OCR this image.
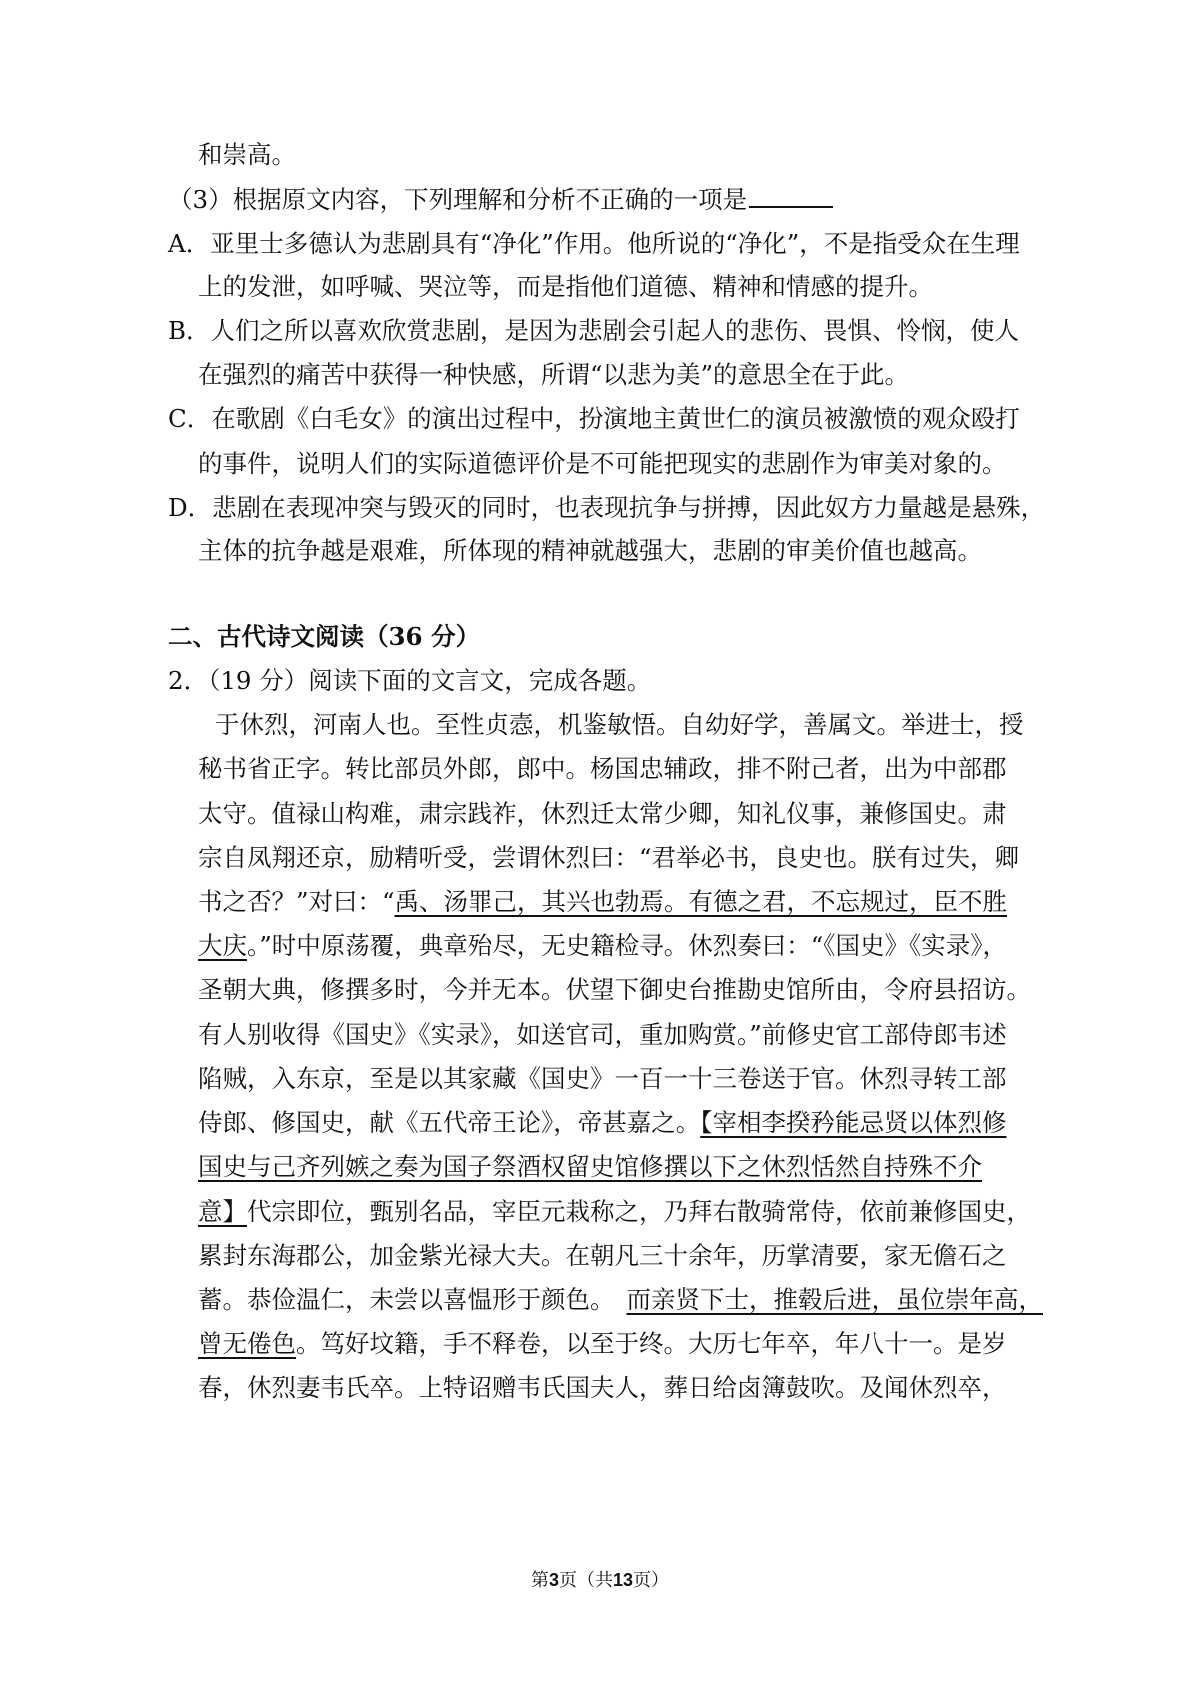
和崇高。
（3）根据原文内容，下列理解和分析不正确的一项是
A．亚里士多德认为悲剧具有“净化”作用。他所说的“净化”，不是指受众在生理
上的发泄，如呼喊、哭泣等，而是指他们道德、精神和情感的提升。
B．人们之所以喜欢欣赏悲剧，是因为悲剧会引起人的悲伤、畏惧、怜悯，使人
在强烈的痛苦中获得一种快感，所谓“以悲为美”的意思全在于此。
C．在歌剧《白毛女》的演出过程中，扮演地主黄世仁的演员被激愤的观众殴打
的事件，说明人们的实际道德评价是不可能把现实的悲剧作为审美对象的。
D．悲剧在表现冲突与毁灭的同时，也表现抗争与拼搏，因此奴方力量越是悬殊，
主体的抗争越是艰难，所体现的精神就越强大，悲剧的审美价值也越高。
二、古代诗文阅读（36 分）
2．（19 分）阅读下面的文言文，完成各题。
于休烈，河南人也。至性贞悫，机鉴敏悟。自幼好学，善属文。举进士，授
秘书省正字。转比部员外郎，郎中。杨国忠辅政，排不附己者，出为中部郡
太守。值禄山构难，肃宗践祚，休烈迁太常少卿，知礼仪事，兼修国史。肃
宗自凤翔还京，励精听受，尝谓休烈曰：“君举必书，良史也。朕有过失，卿
书之否？”对曰：“禹、汤罪己，其兴也勃焉。有德之君，不忘规过，臣不胜
大庆。”时中原荡覆，典章殆尽，无史籍检寻。休烈奏曰：“《国史》《实录》，
圣朝大典，修撰多时，今并无本。伏望下御史台推勘史馆所由，令府县招访。
有人别收得《国史》《实录》，如送官司，重加购赏。”前修史官工部侍郎韦述
陷贼，入东京，至是以其家藏《国史》一百一十三卷送于官。休烈寻转工部
侍郎、修国史，献《五代帝王论》，帝甚嘉之。【宰相李揆矜能忌贤以体烈修
国史与己齐列嫉之奏为国子祭酒权留史馆修撰以下之休烈恬然自持殊不介
意】代宗即位，甄别名品，宰臣元栽称之，乃拜右散骑常侍，依前兼修国史，
累封东海郡公，加金紫光禄大夫。在朝凡三十余年，历掌清要，家无儋石之
蓄。恭俭温仁，未尝以喜愠形于颜色。 而亲贤下士，推毂后进，虽位崇年高，
曾无倦色。笃好坟籍，手不释卷，以至于终。大历七年卒，年八十一。是岁
春，休烈妻韦氏卒。上特诏赠韦氏国夫人，葬日给卤簿鼓吹。及闻休烈卒，
第3页（共13页）
